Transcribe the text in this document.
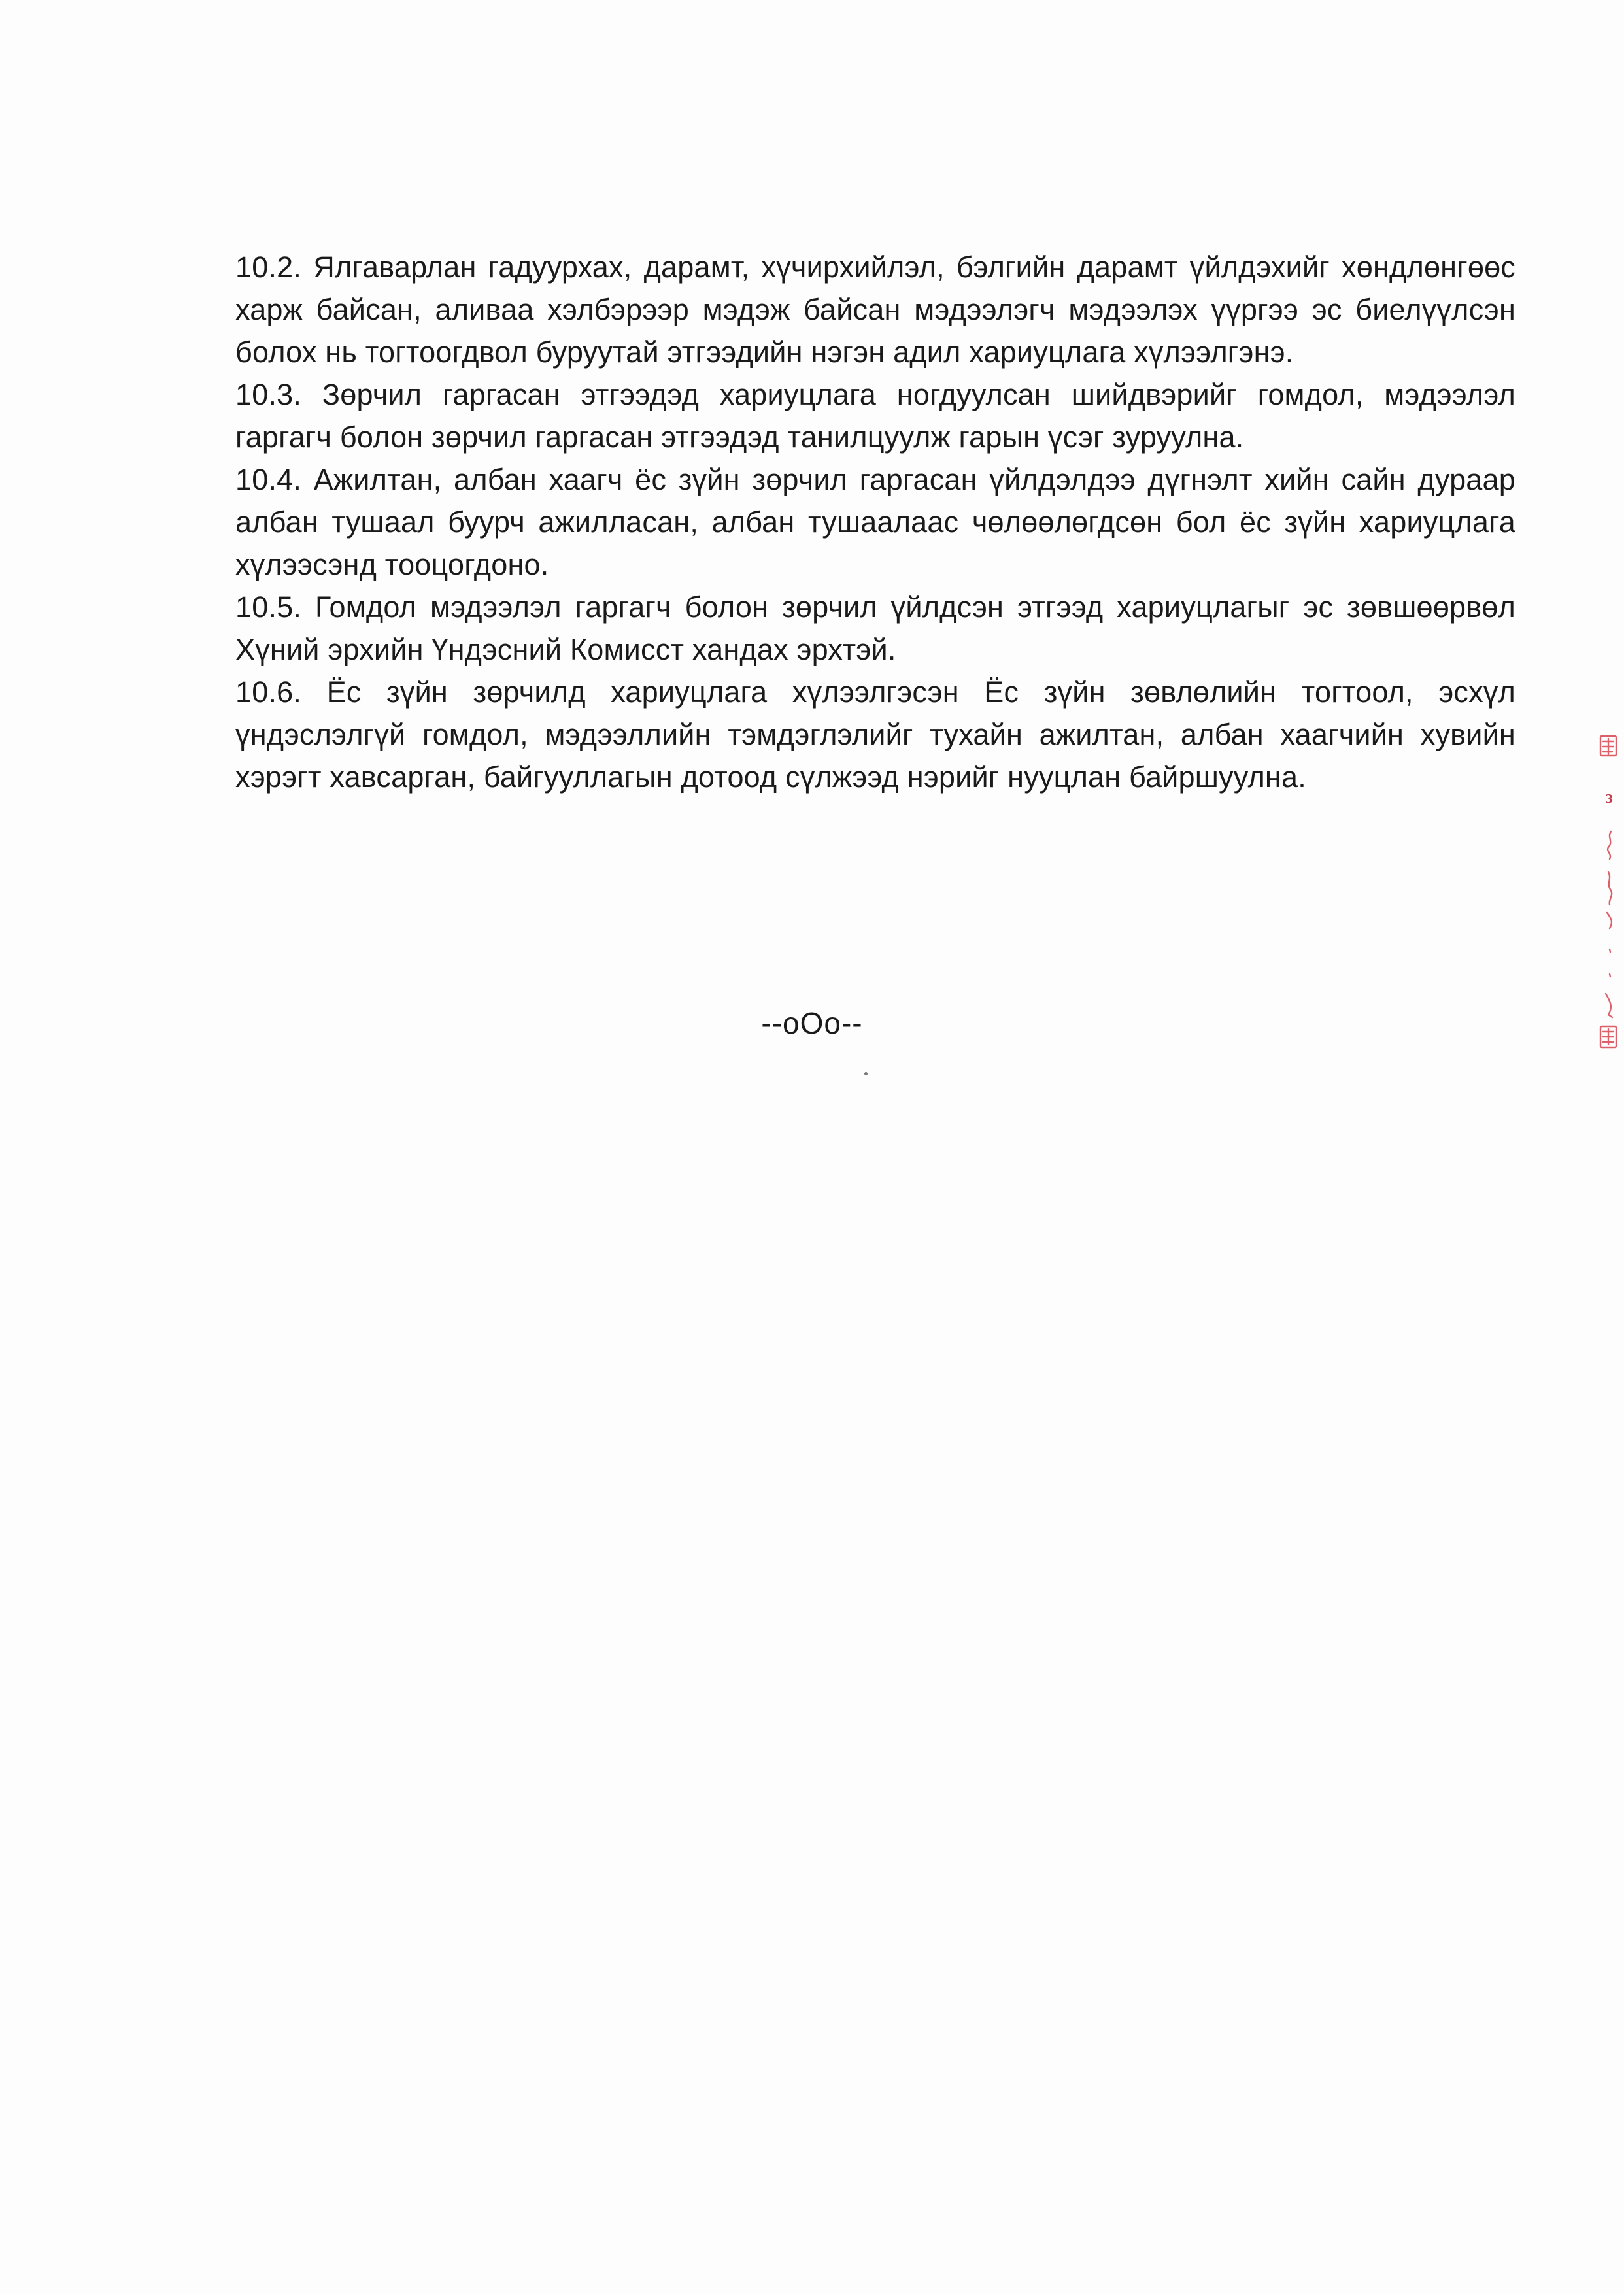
10.2. Ялгаварлан гадуурхах, дарамт, хүчирхийлэл, бэлгийн дарамт үйлдэхийг хөндлөнгөөс харж байсан, аливаа хэлбэрээр мэдэж байсан мэдээлэгч мэдээлэх үүргээ эс биелүүлсэн болох нь тогтоогдвол буруутай этгээдийн нэгэн адил хариуцлага хүлээлгэнэ.

10.3. Зөрчил гаргасан этгээдэд хариуцлага ногдуулсан шийдвэрийг гомдол, мэдээлэл гаргагч болон зөрчил гаргасан этгээдэд танилцуулж гарын үсэг зуруулна.

10.4. Ажилтан, албан хаагч ёс зүйн зөрчил гаргасан үйлдэлдээ дүгнэлт хийн сайн дураар албан тушаал буурч ажилласан, албан тушаалаас чөлөөлөгдсөн бол ёс зүйн хариуцлага хүлээсэнд тооцогдоно.

10.5. Гомдол мэдээлэл гаргагч болон зөрчил үйлдсэн этгээд хариуцлагыг эс зөвшөөрвөл Хүний эрхийн Үндэсний Комисст хандах эрхтэй.

10.6. Ёс зүйн зөрчилд хариуцлага хүлээлгэсэн Ёс зүйн зөвлөлийн тогтоол, эсхүл үндэслэлгүй гомдол, мэдээллийн тэмдэглэлийг тухайн ажилтан, албан хаагчийн хувийн хэрэгт хавсарган, байгууллагын дотоод сүлжээд нэрийг нууцлан байршуулна.

--oOo--
3
